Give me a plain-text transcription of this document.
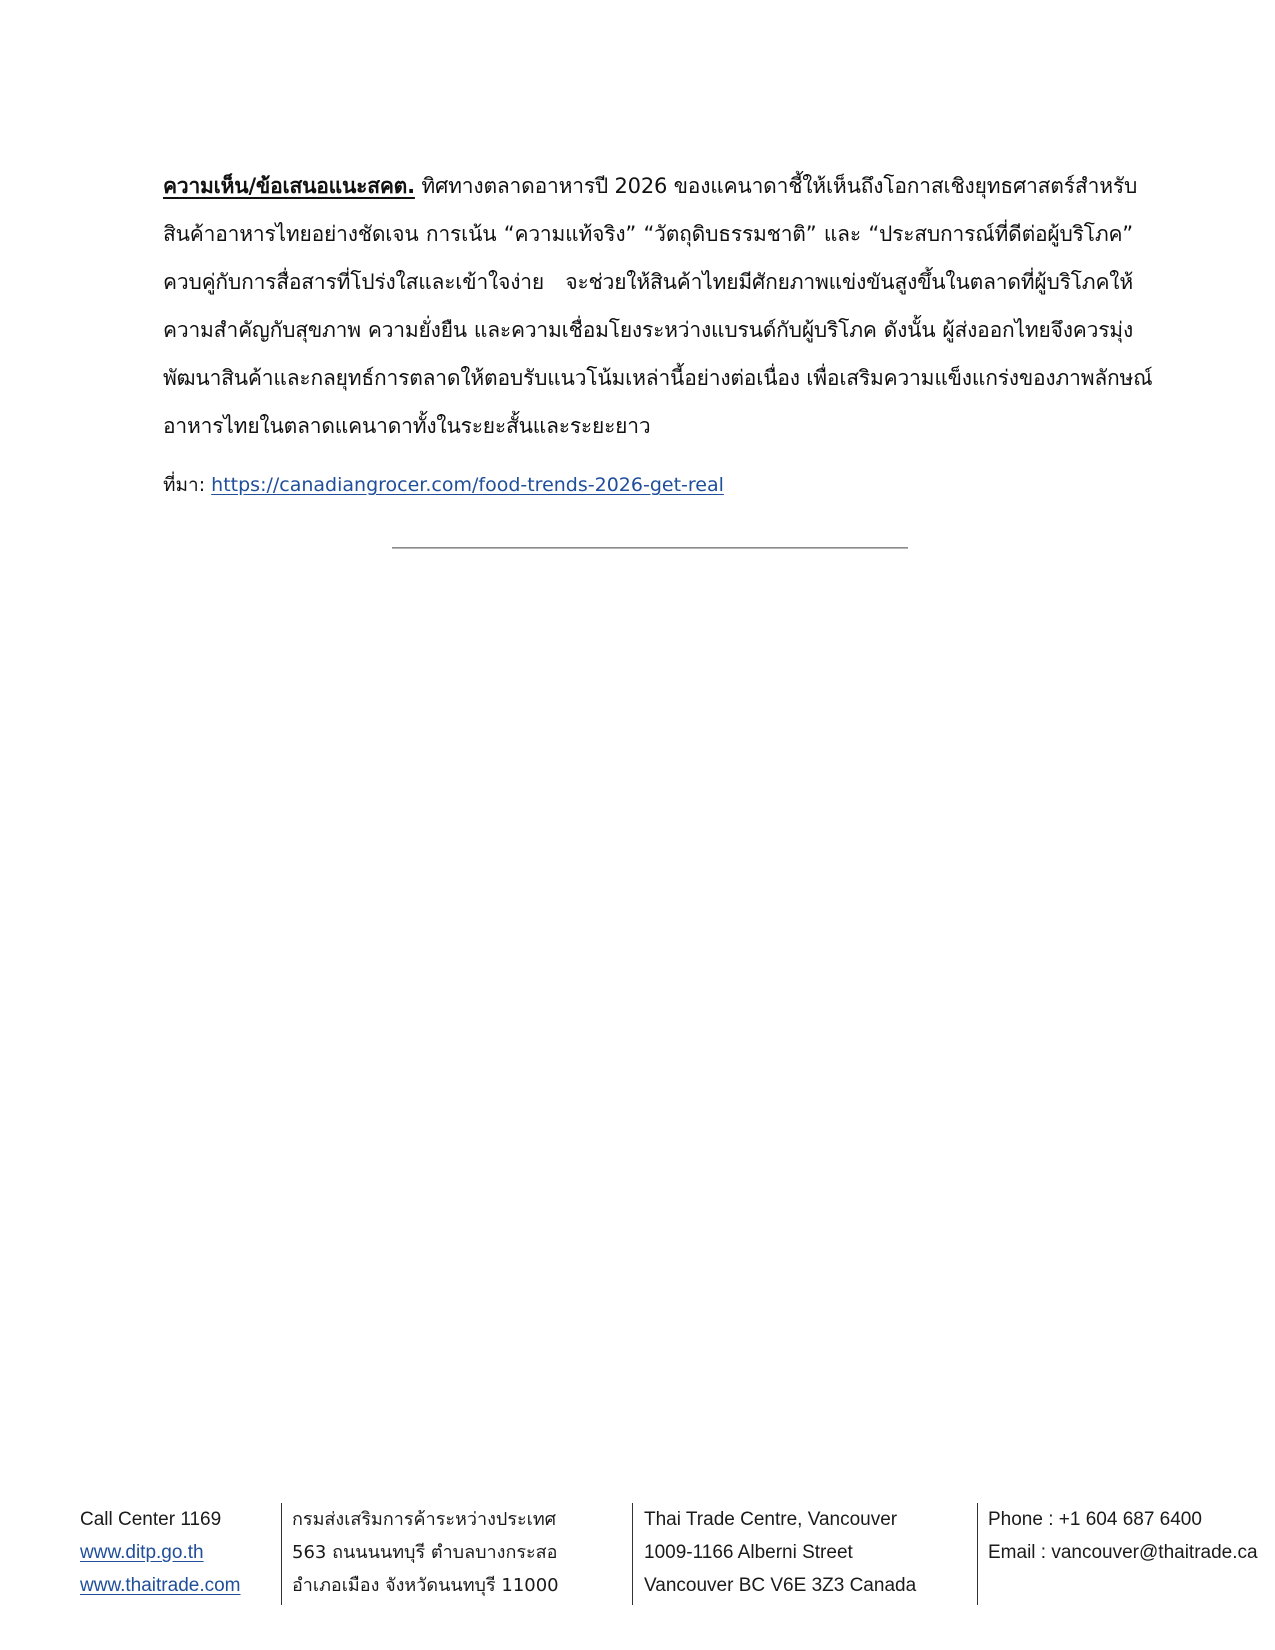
ความเห็น/ข้อเสนอแนะสคต. ทิศทางตลาดอาหารปี 2026 ของแคนาดาชี้ให้เห็นถึงโอกาสเชิงยุทธศาสตร์สำหรับ
สินค้าอาหารไทยอย่างชัดเจน การเน้น “ความแท้จริง” “วัตถุดิบธรรมชาติ” และ “ประสบการณ์ที่ดีต่อผู้บริโภค”
ควบคู่กับการสื่อสารที่โปร่งใสและเข้าใจง่าย จะช่วยให้สินค้าไทยมีศักยภาพแข่งขันสูงขึ้นในตลาดที่ผู้บริโภคให้
ความสำคัญกับสุขภาพ ความยั่งยืน และความเชื่อมโยงระหว่างแบรนด์กับผู้บริโภค ดังนั้น ผู้ส่งออกไทยจึงควรมุ่ง
พัฒนาสินค้าและกลยุทธ์การตลาดให้ตอบรับแนวโน้มเหล่านี้อย่างต่อเนื่อง เพื่อเสริมความแข็งแกร่งของภาพลักษณ์
อาหารไทยในตลาดแคนาดาทั้งในระยะสั้นและระยะยาว
ที่มา: https://canadiangrocer.com/food-trends-2026-get-real
Call Center 1169
www.ditp.go.th
www.thaitrade.com
กรมส่งเสริมการค้าระหว่างประเทศ
563 ถนนนนทบุรี ตำบลบางกระสอ
อำเภอเมือง จังหวัดนนทบุรี 11000
Thai Trade Centre, Vancouver
1009-1166 Alberni Street
Vancouver BC V6E 3Z3 Canada
Phone : +1 604 687 6400
Email : vancouver@thaitrade.ca
